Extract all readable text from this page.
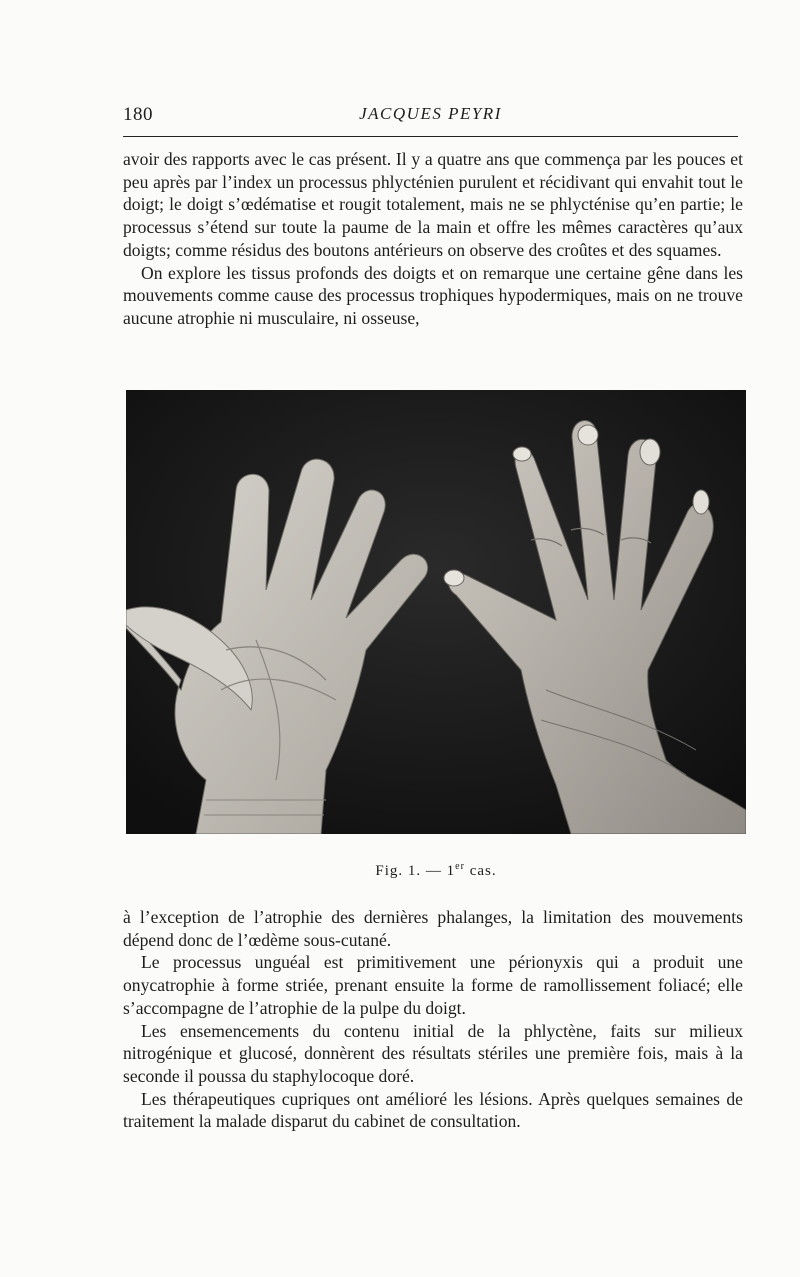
180	JACQUES PEYRI

avoir des rapports avec le cas présent. Il y a quatre ans que commença par les pouces et peu après par l’index un processus phlycténien purulent et récidivant qui envahit tout le doigt; le doigt s’œdématise et rougit totalement, mais ne se phlycténise qu’en partie; le processus s’étend sur toute la paume de la main et offre les mêmes caractères qu’aux doigts; comme résidus des boutons antérieurs on observe des croûtes et des squames.

On explore les tissus profonds des doigts et on remarque une certaine gêne dans les mouvements comme cause des processus trophiques hypodermiques, mais on ne trouve aucune atrophie ni musculaire, ni osseuse,

Fig. 1. — 1er cas.

à l’exception de l’atrophie des dernières phalanges, la limitation des mouvements dépend donc de l’œdème sous-cutané.

Le processus unguéal est primitivement une périonyxis qui a produit une onycatrophie à forme striée, prenant ensuite la forme de ramollissement foliacé; elle s’accompagne de l’atrophie de la pulpe du doigt.

Les ensemencements du contenu initial de la phlyctène, faits sur milieux nitrogénique et glucosé, donnèrent des résultats stériles une première fois, mais à la seconde il poussa du staphylocoque doré.

Les thérapeutiques cupriques ont amélioré les lésions. Après quelques semaines de traitement la malade disparut du cabinet de consultation.
